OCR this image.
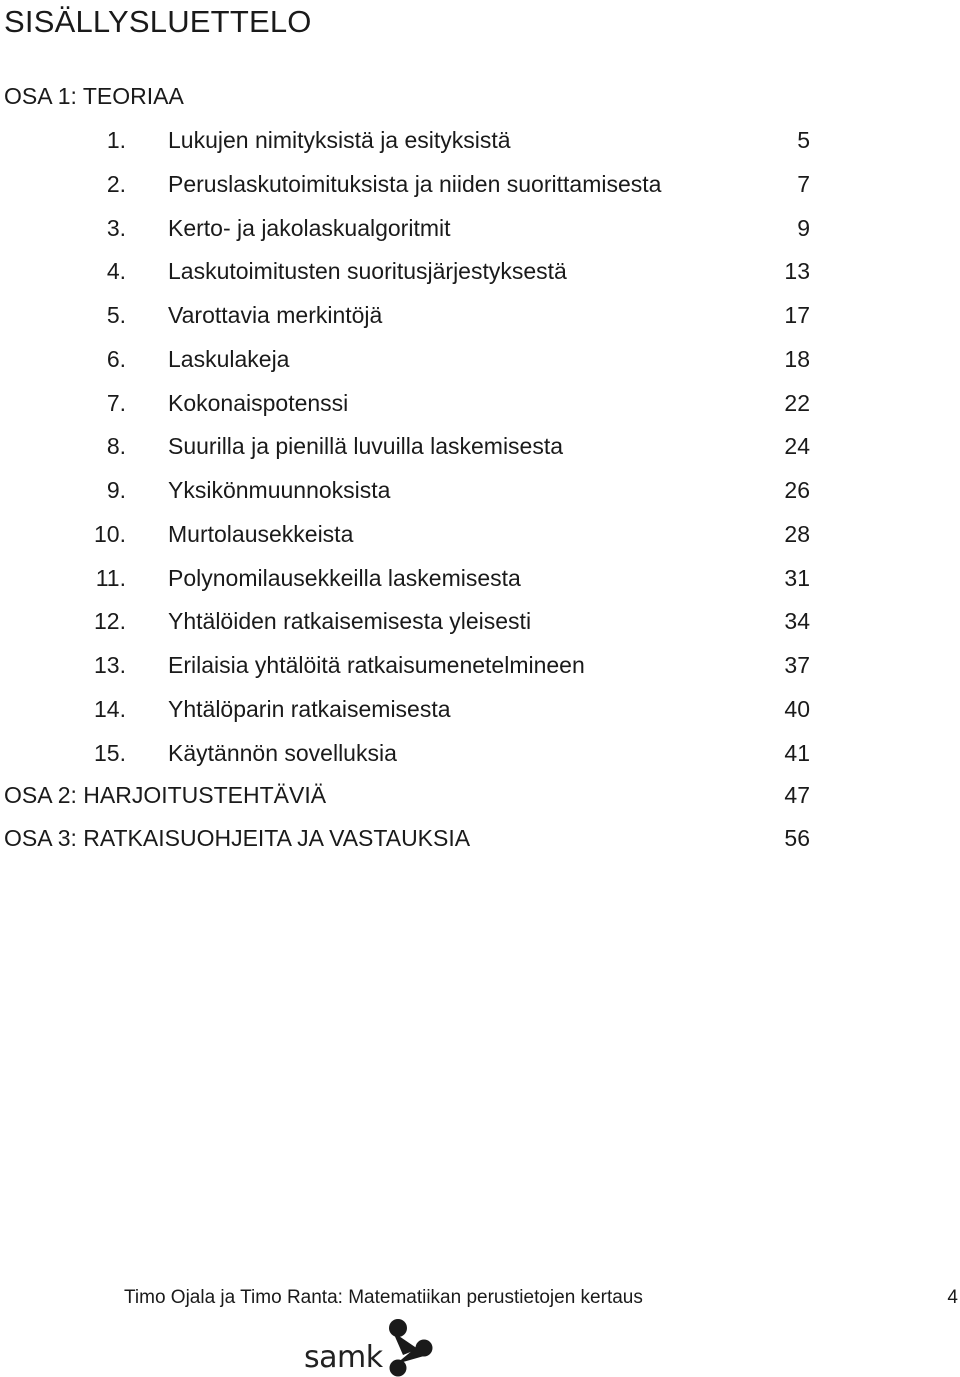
SISÄLLYSLUETTELO
OSA 1: TEORIAA
1. Lukujen nimityksistä ja esityksistä	5
2. Peruslaskutoimituksista ja niiden suorittamisesta	7
3. Kerto- ja jakolaskualgoritmit	9
4. Laskutoimitusten suoritusjärjestyksestä	13
5. Varottavia merkintöjä	17
6. Laskulakeja	18
7. Kokonaispotenssi	22
8. Suurilla ja pienillä luvuilla laskemisesta	24
9. Yksikönmuunnoksista	26
10. Murtolausekkeista	28
11. Polynomilausekkeilla laskemisesta	31
12. Yhtälöiden ratkaisemisesta yleisesti	34
13. Erilaisia yhtälöitä ratkaisumenetelmineen	37
14. Yhtälöparin ratkaisemisesta	40
15. Käytännön sovelluksia	41
OSA 2: HARJOITUSTEHTÄVIÄ	47
OSA 3: RATKAISUOHJEITA JA VASTAUKSIA	56
Timo Ojala ja Timo Ranta: Matematiikan perustietojen kertaus	4
samk
